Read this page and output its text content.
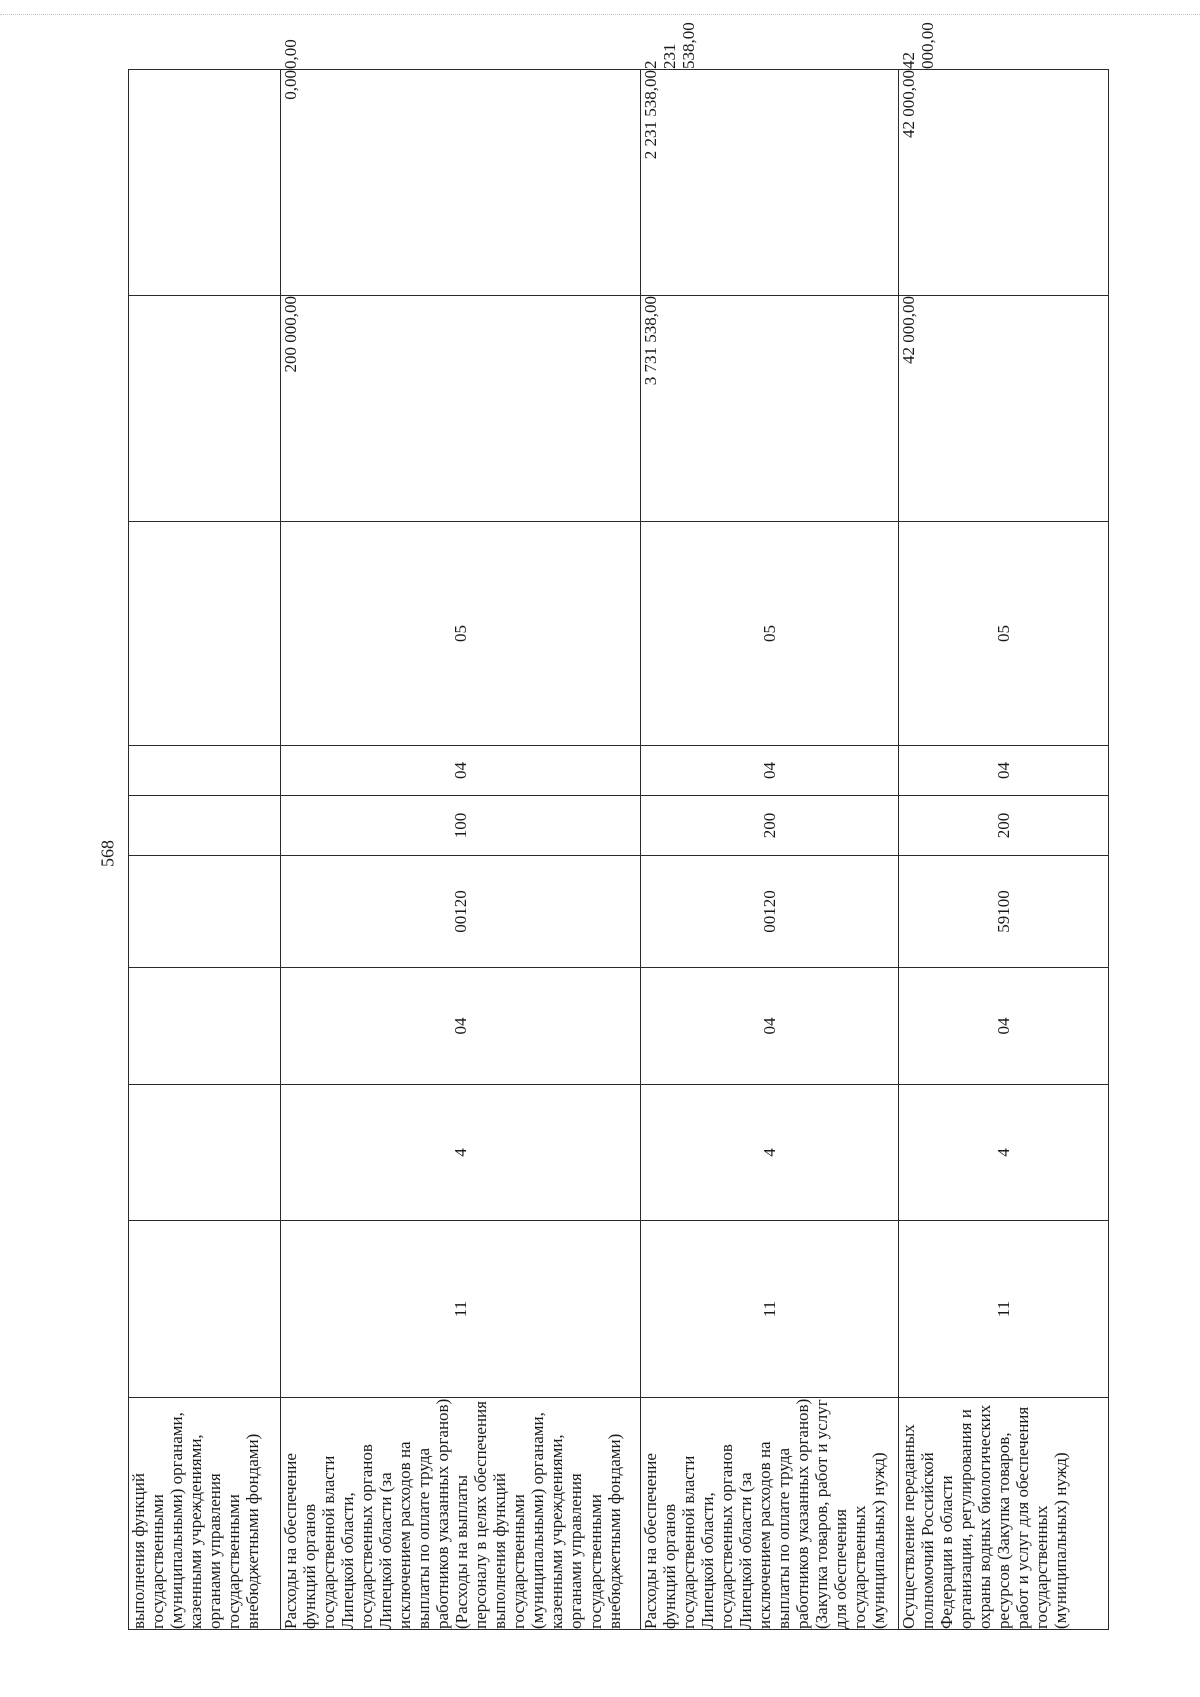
568
выполнения функций государственными (муниципальными) органами, казенными учреждениями, органами управления государственными внебюджетными фондами)										
Расходы на обеспечение функций органов государственной власти Липецкой области, государственных органов Липецкой области (за исключением расходов на выплаты по оплате труда работников указанных органов) (Расходы на выплаты персоналу в целях обеспечения выполнения функций государственными (муниципальными) органами, казенными учреждениями, органами управления государственными внебюджетными фондами)	11	4	04	00120	100	04	05	200 000,00	0,00	0,00
Расходы на обеспечение функций органов государственной власти Липецкой области, государственных органов Липецкой области (за исключением расходов на выплаты по оплате труда работников указанных органов) (Закупка товаров, работ и услуг для обеспечения государственных (муниципальных) нужд)	11	4	04	00120	200	04	05	3 731 538,00	2 231 538,00	2 231 538,00
Осуществление переданных полномочий Российской Федерации в области организации, регулирования и охраны водных биологических ресурсов (Закупка товаров, работ и услуг для обеспечения государственных (муниципальных) нужд)	11	4	04	59100	200	04	05	42 000,00	42 000,00	42 000,00
